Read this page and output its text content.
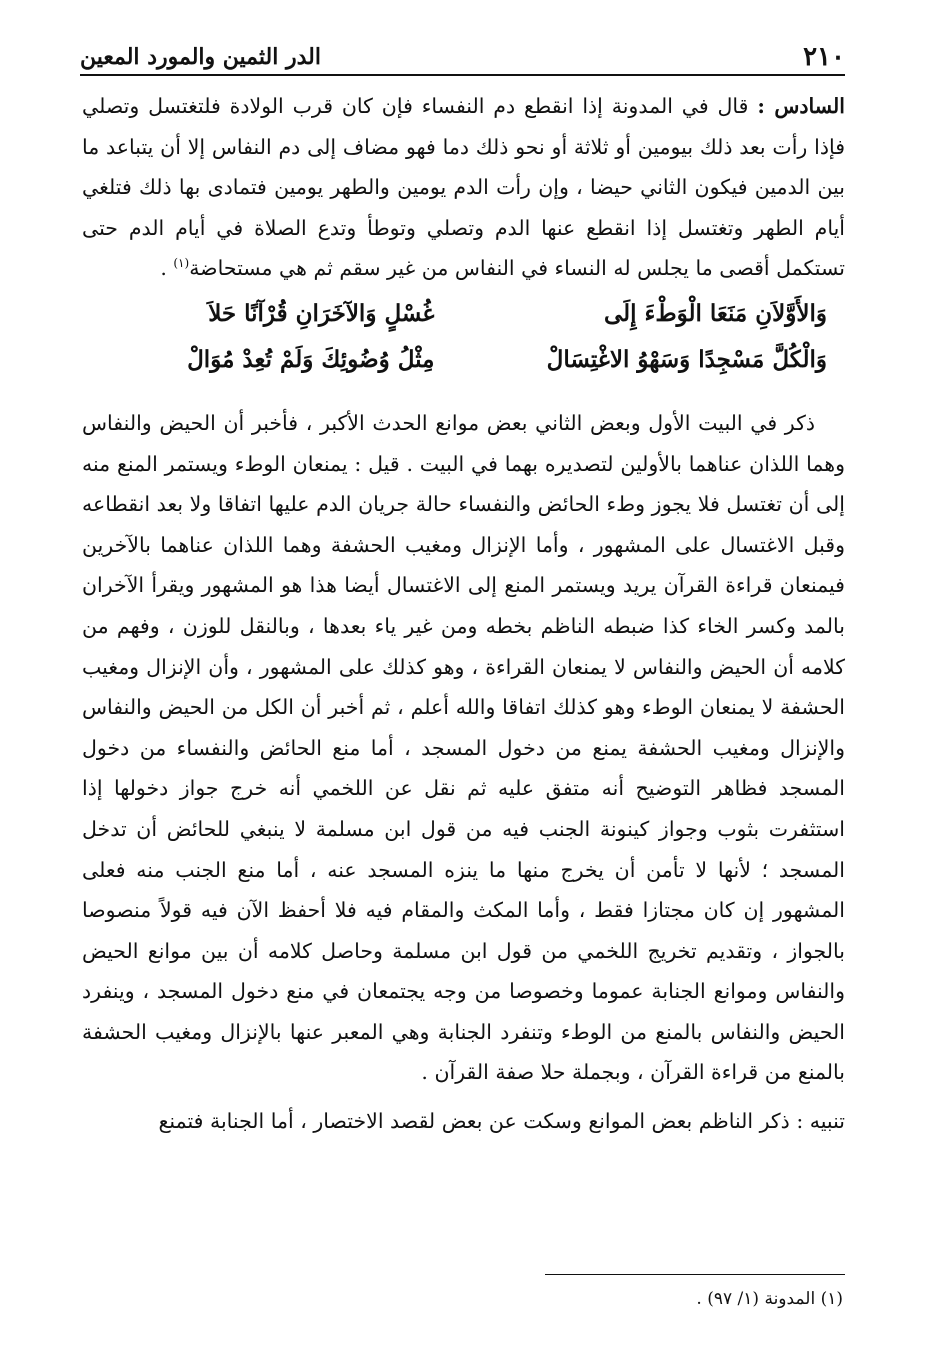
٢١٠
الدر الثمين والمورد المعين

السادس : قال في المدونة إذا انقطع دم النفساء فإن كان قرب الولادة فلتغتسل وتصلي فإذا رأت بعد ذلك بيومين أو ثلاثة أو نحو ذلك دما فهو مضاف إلى دم النفاس إلا أن يتباعد ما بين الدمين فيكون الثاني حيضا ، وإن رأت الدم يومين والطهر يومين فتمادى بها ذلك فتلغي أيام الطهر وتغتسل إذا انقطع عنها الدم وتصلي وتوطأ وتدع الصلاة في أيام الدم حتى تستكمل أقصى ما يجلس له النساء في النفاس من غير سقم ثم هي مستحاضة$^{(١)}$ .

وَالأَوَّلاَنِ مَنَعَا الْوَطْءَ إِلَى
غُسْلٍ وَالآخَرَانِ قُرْآنًا حَلاَ
وَالْكُلَّ مَسْجِدًا وَسَهْوُ الاغْتِسَالْ
مِثْلُ وُضُوئِكَ وَلَمْ تُعِدْ مُوَالْ

ذكر في البيت الأول وبعض الثاني بعض موانع الحدث الأكبر ، فأخبر أن الحيض والنفاس وهما اللذان عناهما بالأولين لتصديره بهما في البيت . قيل : يمنعان الوطء ويستمر المنع منه إلى أن تغتسل فلا يجوز وطء الحائض والنفساء حالة جريان الدم عليها اتفاقا ولا بعد انقطاعه وقبل الاغتسال على المشهور ، وأما الإنزال ومغيب الحشفة وهما اللذان عناهما بالآخرين فيمنعان قراءة القرآن يريد ويستمر المنع إلى الاغتسال أيضا هذا هو المشهور ويقرأ الآخران بالمد وكسر الخاء كذا ضبطه الناظم بخطه ومن غير ياء بعدها ، وبالنقل للوزن ، وفهم من كلامه أن الحيض والنفاس لا يمنعان القراءة ، وهو كذلك على المشهور ، وأن الإنزال ومغيب الحشفة لا يمنعان الوطء وهو كذلك اتفاقا والله أعلم ، ثم أخبر أن الكل من الحيض والنفاس والإنزال ومغيب الحشفة يمنع من دخول المسجد ، أما منع الحائض والنفساء من دخول المسجد فظاهر التوضيح أنه متفق عليه ثم نقل عن اللخمي أنه خرج جواز دخولها إذا استثفرت بثوب وجواز كينونة الجنب فيه من قول ابن مسلمة لا ينبغي للحائض أن تدخل المسجد ؛ لأنها لا تأمن أن يخرج منها ما ينزه المسجد عنه ، أما منع الجنب منه فعلى المشهور إن كان مجتازا فقط ، وأما المكث والمقام فيه فلا أحفظ الآن فيه قولاً منصوصا بالجواز ، وتقديم تخريج اللخمي من قول ابن مسلمة وحاصل كلامه أن بين موانع الحيض والنفاس وموانع الجنابة عموما وخصوصا من وجه يجتمعان في منع دخول المسجد ، وينفرد الحيض والنفاس بالمنع من الوطء وتنفرد الجنابة وهي المعبر عنها بالإنزال ومغيب الحشفة بالمنع من قراءة القرآن ، وبجملة حلا صفة القرآن .

تنبيه : ذكر الناظم بعض الموانع وسكت عن بعض لقصد الاختصار ، أما الجنابة فتمنع

(١) المدونة (١/ ٩٧) .
